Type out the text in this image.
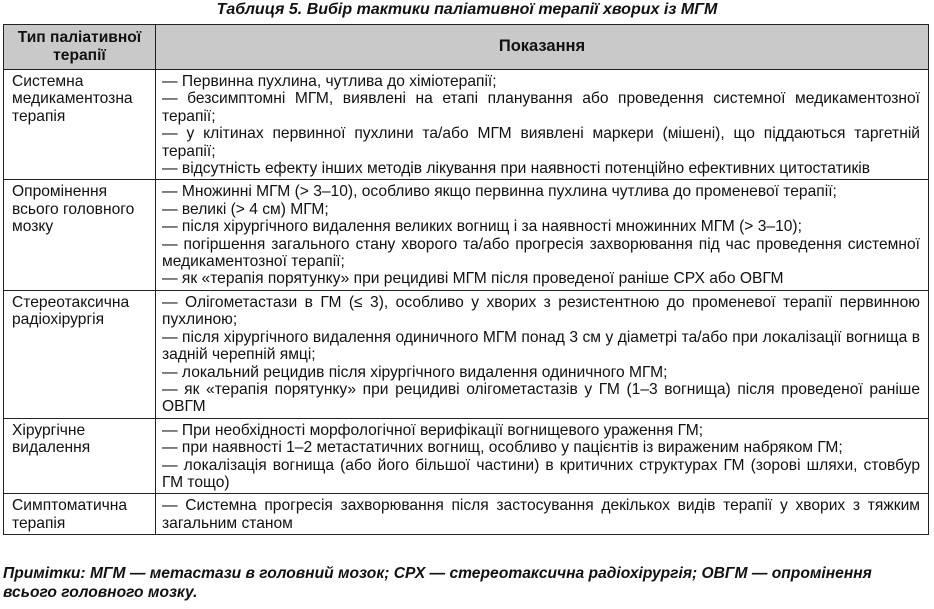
Таблиця 5. Вибір тактики паліативної терапії хворих із МГМ
Тип паліативної терапії	Показання
Системна медикаментозна терапія	— Первинна пухлина, чутлива до хіміотерапії;
— безсимптомні МГМ, виявлені на етапі планування або проведення системної медикаментозної терапії;
— у клітинах первинної пухлини та/або МГМ виявлені маркери (мішені), що піддаються таргетній терапії;
— відсутність ефекту інших методів лікування при наявності потенційно ефективних цитостатиків

Опромінення всього головного мозку	— Множинні МГМ (> 3–10), особливо якщо первинна пухлина чутлива до променевої терапії;
— великі (> 4 см) МГМ;
— після хірургічного видалення великих вогнищ і за наявності множинних МГМ (> 3–10);
— погіршення загального стану хворого та/або прогресія захворювання під час проведення системної медикаментозної терапії;
— як «терапія порятунку» при рецидиві МГМ після проведеної раніше СРХ або ОВГМ

Стереотаксична радіохірургія	— Олігометастази в ГМ (≤ 3), особливо у хворих з резистентною до променевої терапії первинною пухлиною;
— після хірургічного видалення одиничного МГМ понад 3 см у діаметрі та/або при локалізації вогнища в задній черепній ямці;
— локальний рецидив після хірургічного видалення одиничного МГМ;
— як «терапія порятунку» при рецидиві олігометастазів у ГМ (1–3 вогнища) після проведеної раніше ОВГМ

Хірургічне видалення	— При необхідності морфологічної верифікації вогнищевого ураження ГМ;
— при наявності 1–2 метастатичних вогнищ, особливо у пацієнтів із вираженим набряком ГМ;
— локалізація вогнища (або його більшої частини) в критичних структурах ГМ (зорові шляхи, стовбур ГМ тощо)

Симптоматична терапія	— Системна прогресія захворювання після застосування декількох видів терапії у хворих з тяжким загальним станом
Примітки: МГМ — метастази в головний мозок; СРХ — стереотаксична радіохірургія; ОВГМ — опромінення всього головного мозку.
